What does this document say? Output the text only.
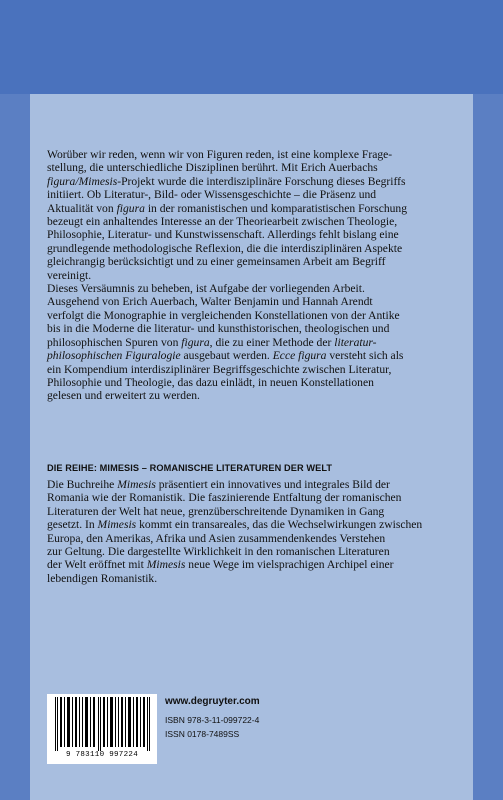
Worüber wir reden, wenn wir von Figuren reden, ist eine komplexe Frage-
stellung, die unterschiedliche Disziplinen berührt. Mit Erich Auerbachs
figura/Mimesis-Projekt wurde die interdisziplinäre Forschung dieses Begriffs
initiiert. Ob Literatur-, Bild- oder Wissensgeschichte – die Präsenz und
Aktualität von figura in der romanistischen und komparatistischen Forschung
bezeugt ein anhaltendes Interesse an der Theoriearbeit zwischen Theologie,
Philosophie, Literatur- und Kunstwissenschaft. Allerdings fehlt bislang eine
grundlegende methodologische Reflexion, die die interdisziplinären Aspekte
gleichrangig berücksichtigt und zu einer gemeinsamen Arbeit am Begriff
vereinigt.
Dieses Versäumnis zu beheben, ist Aufgabe der vorliegenden Arbeit.
Ausgehend von Erich Auerbach, Walter Benjamin und Hannah Arendt
verfolgt die Monographie in vergleichenden Konstellationen von der Antike
bis in die Moderne die literatur- und kunsthistorischen, theologischen und
philosophischen Spuren von figura, die zu einer Methode der literatur-
philosophischen Figuralogie ausgebaut werden. Ecce figura versteht sich als
ein Kompendium interdisziplinärer Begriffsgeschichte zwischen Literatur,
Philosophie und Theologie, das dazu einlädt, in neuen Konstellationen
gelesen und erweitert zu werden.
DIE REIHE: MIMESIS – ROMANISCHE LITERATUREN DER WELT
Die Buchreihe Mimesis präsentiert ein innovatives und integrales Bild der
Romania wie der Romanistik. Die faszinierende Entfaltung der romanischen
Literaturen der Welt hat neue, grenzüberschreitende Dynamiken in Gang
gesetzt. In Mimesis kommt ein transareales, das die Wechselwirkungen zwischen
Europa, den Amerikas, Afrika und Asien zusammendenkendes Verstehen
zur Geltung. Die dargestellte Wirklichkeit in den romanischen Literaturen
der Welt eröffnet mit Mimesis neue Wege im vielsprachigen Archipel einer
lebendigen Romanistik.
9 783110 997224
www.degruyter.com
ISBN 978-3-11-099722-4
ISSN 0178-7489SS
